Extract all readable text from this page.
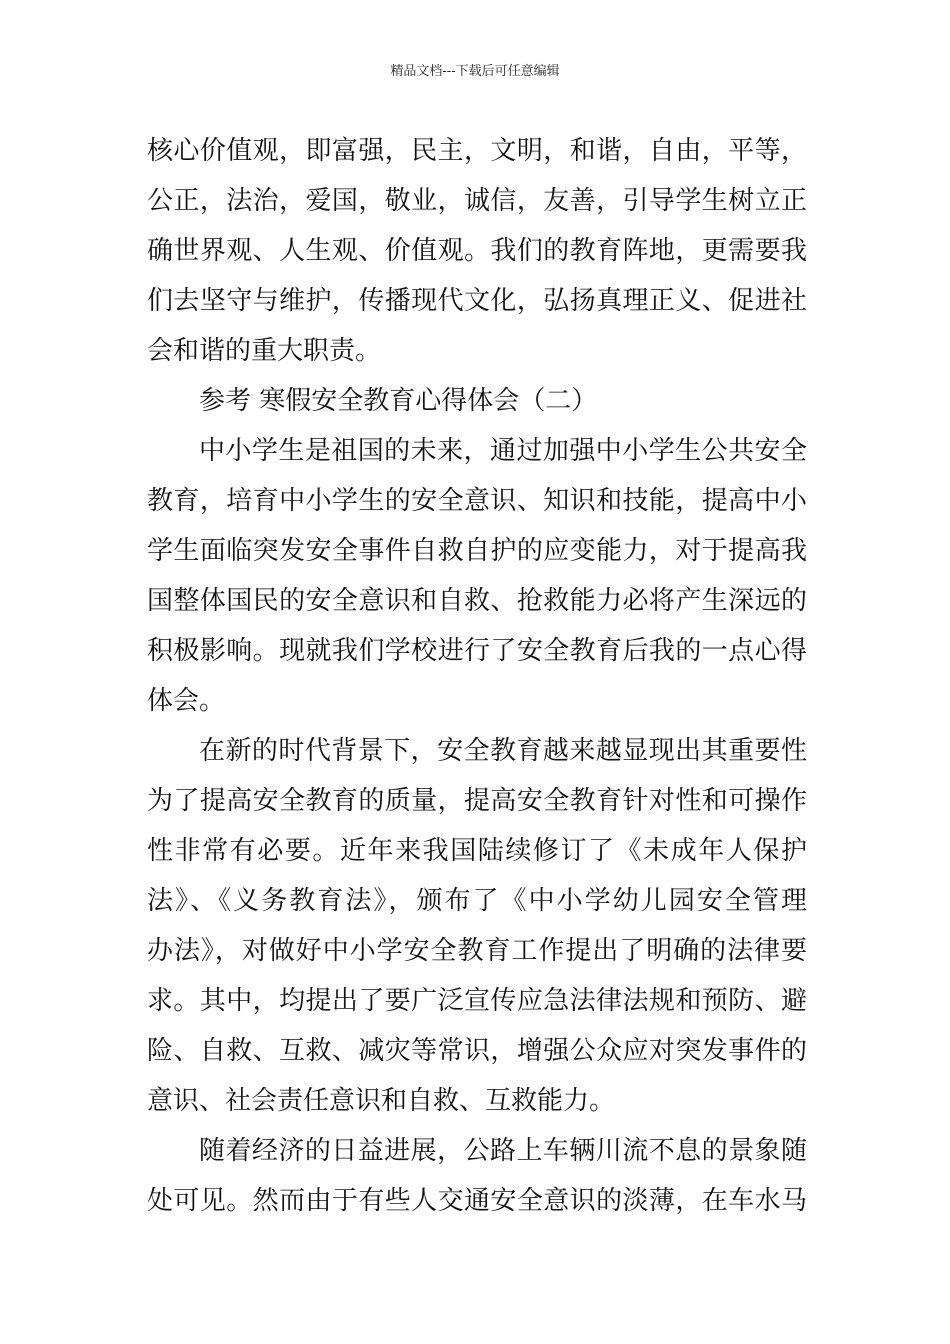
精品文档---下载后可任意编辑
核心价值观，即富强，民主，文明，和谐，自由，平等，
公正，法治，爱国，敬业，诚信，友善，引导学生树立正
确世界观、人生观、价值观。我们的教育阵地，更需要我
们去坚守与维护，传播现代文化，弘扬真理正义、促进社
会和谐的重大职责。
参考 寒假安全教育心得体会（二）
中小学生是祖国的未来，通过加强中小学生公共安全
教育，培育中小学生的安全意识、知识和技能，提高中小
学生面临突发安全事件自救自护的应变能力，对于提高我
国整体国民的安全意识和自救、抢救能力必将产生深远的
积极影响。现就我们学校进行了安全教育后我的一点心得
体会。
在新的时代背景下，安全教育越来越显现出其重要性
为了提高安全教育的质量，提高安全教育针对性和可操作
性非常有必要。近年来我国陆续修订了《未成年人保护
法》、《义务教育法》，颁布了《中小学幼儿园安全管理
办法》，对做好中小学安全教育工作提出了明确的法律要
求。其中，均提出了要广泛宣传应急法律法规和预防、避
险、自救、互救、减灾等常识，增强公众应对突发事件的
意识、社会责任意识和自救、互救能力。
随着经济的日益进展，公路上车辆川流不息的景象随
处可见。然而由于有些人交通安全意识的淡薄，在车水马
